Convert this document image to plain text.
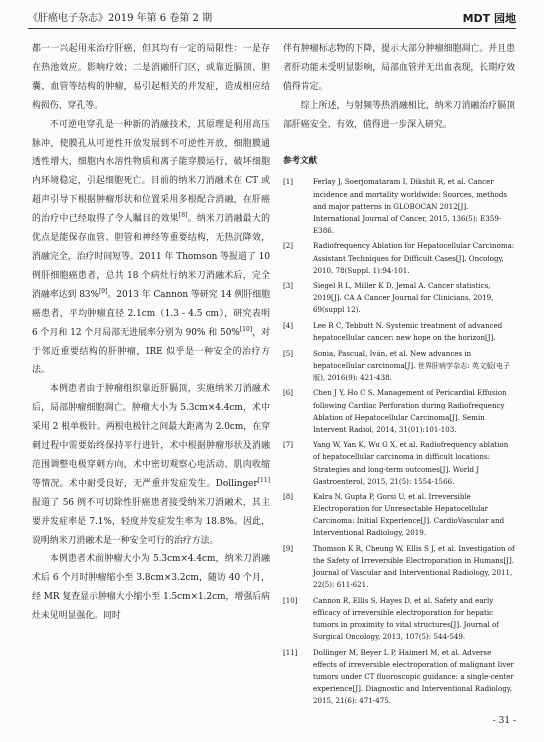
《肝癌电子杂志》2019 年第 6 卷第 2 期	MDT 园地

都一一兴起用来治疗肝癌，但其均有一定的局限性：一是存在热池效应。影响疗效；二是消融肝门区，或靠近膈顶、胆囊、血管等结构的肿瘤，易引起相关的并发症，造成相应结构损伤、穿孔等。

不可逆电穿孔是一种新的消融技术，其原理是利用高压脉冲，使膜孔从可逆性开放发展到不可逆性开放，细胞膜通透性增大，细胞内水溶性物质和离子能穿膜运行，破坏细胞内环境稳定，引起细胞死亡。目前的纳米刀消融术在 CT 或超声引导下根据肿瘤形状和位置采用多根配合消融，在肝癌的治疗中已经取得了令人瞩目的效果[8]。纳米刀消融最大的优点是能保存血管、胆管和神经等重要结构，无热沉降效，消融完全，治疗时间短等。2011 年 Thomson 等报道了 10 例肝细胞癌患者，总共 18 个病灶行纳米刀消融术后，完全消融率达到 83%[9]。2013 年 Cannon 等研究 14 例肝细胞癌患者，平均肿瘤直径 2.1cm（1.3 - 4.5 cm），研究表明 6 个月和 12 个月局部无进展率分别为 90% 和 50%[10]，对于邻近重要结构的肝肿瘤，IRE 似乎是一种安全的治疗方法。

本例患者由于肿瘤组织靠近肝膈顶，实施纳米刀消融术后，局部肿瘤细胞凋亡。肿瘤大小为 5.3cm×4.4cm，术中采用 2 根单极针。两根电极针之间最大距离为 2.0cm，在穿刺过程中需要始终保持平行进针，术中根据肿瘤形状及消融范围调整电极穿刺方向，术中密切观察心电活动、肌肉收缩等情况。术中耐受良好，无严重并发症发生。Dollinger[11]报道了 56 例不可切除性肝癌患者接受纳米刀消融术，其主要并发症率是 7.1%，轻度并发症发生率为 18.8%。因此，说明纳米刀消融术是一种安全可行的治疗方法。

本例患者术前肿瘤大小为 5.3cm×4.4cm，纳米刀消融术后 6 个月时肿瘤缩小至 3.8cm×3.2cm，随访 40 个月，经 MR 复查显示肿瘤大小缩小至 1.5cm×1.2cm，增强后病灶未见明显强化。同时

伴有肿瘤标志物的下降，提示大部分肿瘤细胞凋亡。并且患者肝功能未受明显影响，局部血管并无出血表现，长期疗效值得肯定。

综上所述，与射频等热消融相比，纳米刀消融治疗膈顶部肝癌安全、有效，值得进一步深入研究。

参考文献
[1]	Ferlay J, Soerjomataram I, Dikshit R, et al. Cancer incidence and mortality worldwide: Sources, methods and major patterns in GLOBOCAN 2012[J]. International Journal of Cancer, 2015, 136(5): E359-E386.
[2]	Radiofrequency Ablation for Hepatocellular Carcinoma: Assistant Techniques for Difficult Cases[J]. Oncology, 2010, 78(Suppl. 1):94-101.
[3]	Siegel R L, Miller K D, Jemal A. Cancer statistics, 2019[J]. CA A Cancer Journal for Clinicians, 2019, 69(suppl 12).
[4]	Lee R C, Tebbutt N. Systemic treatment of advanced hepatocellular cancer: new hope on the horizon[J].
[5]	Sonia, Pascual, Iván, et al. New advances in hepatocellular carcinoma[J]. 世界肝病学杂志: 英文版(电子版), 2016(9): 421-438.
[6]	Chen J Y, Ho C S. Management of Pericardial Effusion following Cardiac Perforation during Radiofrequency Ablation of Hepatocellular Carcinoma[J]. Semin Intervent Radiol, 2014, 31(01):101-103.
[7]	Yang W, Yan K, Wu G X, et al. Radiofrequency ablation of hepatocellular carcinoma in difficult locations: Strategies and long-term outcomes[J]. World J Gastroenterol, 2015, 21(5): 1554-1566.
[8]	Kalra N, Gupta P, Gorsi U, et al. Irreversible Electroporation for Unresectable Hepatocellular Carcinoma: Initial Experience[J]. CardioVascular and Interventional Radiology, 2019.
[9]	Thomson K R, Cheung W, Ellis S J, et al. Investigation of the Safety of Irreversible Electroporation in Humans[J]. Journal of Vascular and Interventional Radiology, 2011, 22(5): 611-621.
[10]	Cannon R, Ellis S, Hayes D, et al. Safety and early efficacy of irreversible electroporation for hepatic tumors in proximity to vital structures[J]. Journal of Surgical Oncology, 2013, 107(5): 544-549.
[11]	Dollinger M, Beyer L P, Haimerl M, et al. Adverse effects of irreversible electroporation of malignant liver tumors under CT fluoroscopic guidance: a single-center experience[J]. Diagnostic and Interventional Radiology, 2015, 21(6): 471-475.
- 31 -
